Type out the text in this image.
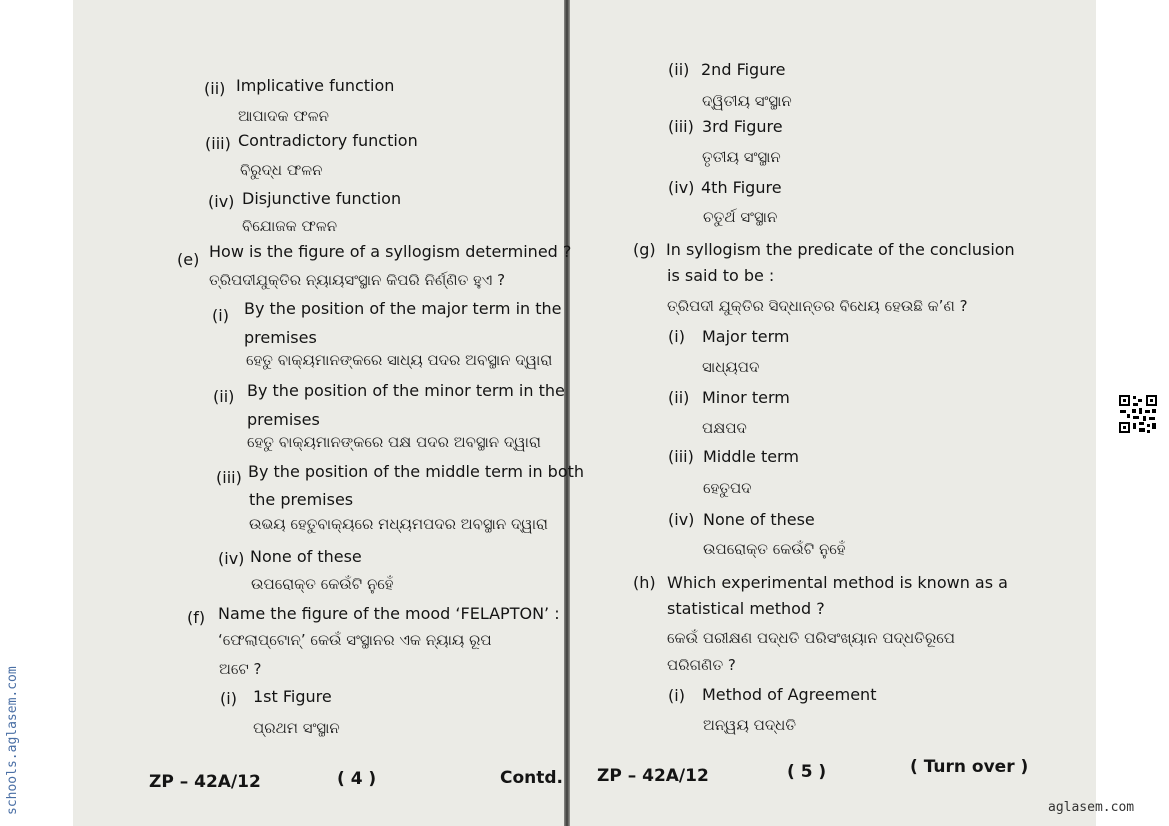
(ii) Implicative function
ଆପାଦକ ଫଳନ
(iii) Contradictory function
ବିରୁଦ୍ଧ ଫଳନ
(iv) Disjunctive function
ବିଯୋଜକ ଫଳନ
(e) How is the figure of a syllogism determined ?
ତ୍ରିପଦୀଯୁକ୍ତିର ନ୍ୟାୟସଂସ୍ଥାନ କିପରି ନିର୍ଣ୍ଣିତ ହୁଏ ?
(i) By the position of the major term in the
premises
ହେତୁ ବାକ୍ୟମାନଙ୍କରେ ସାଧ୍ୟ ପଦର ଅବସ୍ଥାନ ଦ୍ୱାରା
(ii) By the position of the minor term in the
premises
ହେତୁ ବାକ୍ୟମାନଙ୍କରେ ପକ୍ଷ ପଦର ଅବସ୍ଥାନ ଦ୍ୱାରା
(iii) By the position of the middle term in both
the premises
ଉଭୟ ହେତୁବାକ୍ୟରେ ମଧ୍ୟମପଦର ଅବସ୍ଥାନ ଦ୍ୱାରା
(iv) None of these
ଉପରୋକ୍ତ କେଉଁଟି ନୁହେଁ
(f) Name the figure of the mood ‘FELAPTON’ :
‘ଫେଲାପ୍ଟୋନ୍’ କେଉଁ ସଂସ୍ଥାନର ଏକ ନ୍ୟାୟ ରୂପ
ଅଟେ ?
(i) 1st Figure
ପ୍ରଥମ ସଂସ୍ଥାନ
ZP – 42A/12	( 4 )	Contd.
(ii) 2nd Figure
ଦ୍ୱିତୀୟ ସଂସ୍ଥାନ
(iii) 3rd Figure
ତୃତୀୟ ସଂସ୍ଥାନ
(iv) 4th Figure
ଚତୁର୍ଥ ସଂସ୍ଥାନ
(g) In syllogism the predicate of the conclusion
is said to be :
ତ୍ରିପଦୀ ଯୁକ୍ତିର ସିଦ୍ଧାନ୍ତର ବିଧେୟ ହେଉଛି କ’ଣ ?
(i) Major term
ସାଧ୍ୟପଦ
(ii) Minor term
ପକ୍ଷପଦ
(iii) Middle term
ହେତୁପଦ
(iv) None of these
ଉପରୋକ୍ତ କେଉଁଟି ନୁହେଁ
(h) Which experimental method is known as a
statistical method ?
କେଉଁ ପରୀକ୍ଷଣ ପଦ୍ଧତି ପରିସଂଖ୍ୟାନ ପଦ୍ଧତିରୂପେ
ପରିଗଣିତ ?
(i) Method of Agreement
ଅନ୍ୱୟ ପଦ୍ଧତି
ZP – 42A/12	( 5 )	( Turn over )
schools.aglasem.com	aglasem.com
